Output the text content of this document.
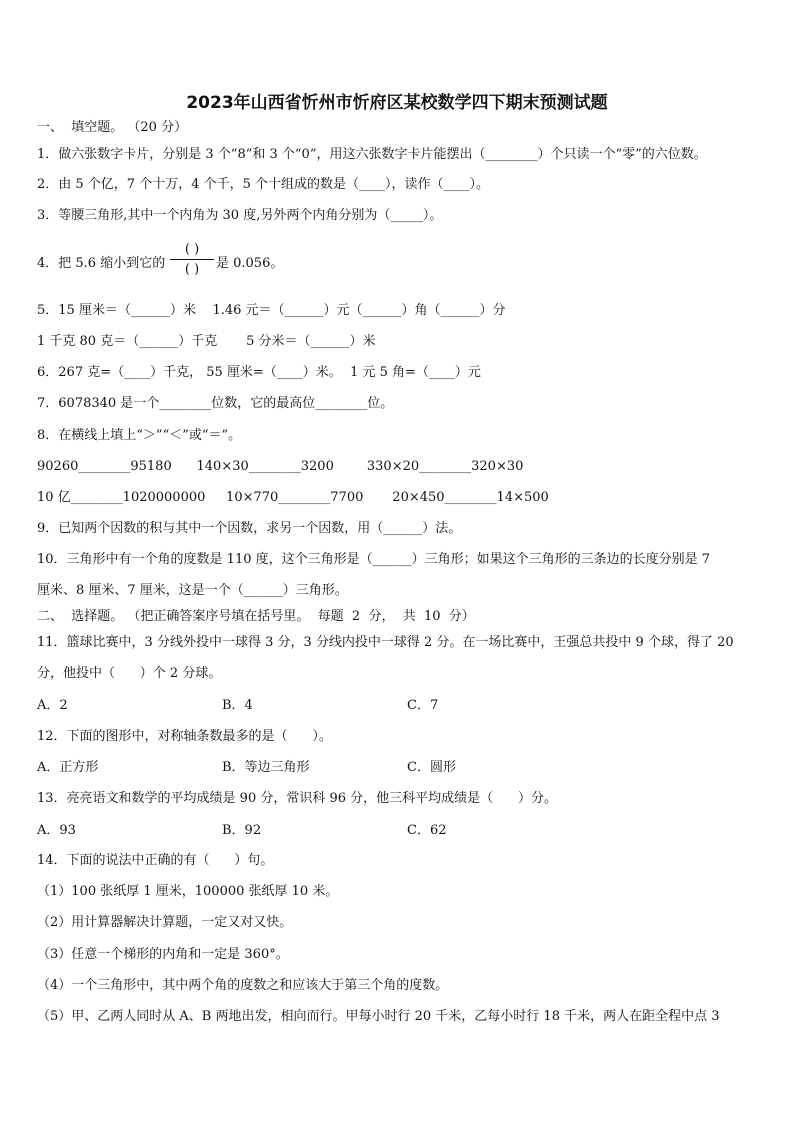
2023年山西省忻州市忻府区某校数学四下期末预测试题
一、  填空题。 （20 分）
1．做六张数字卡片，分别是 3 个“8”和 3 个“0”，用这六张数字卡片能摆出（________）个只读一个“零”的六位数。
2．由 5 个亿，7 个十万，4 个千，5 个十组成的数是（____），读作（____）。
3．等腰三角形,其中一个内角为 30 度,另外两个内角分别为（_____）。
4．把 5.6 缩小到它的
( )
( )	是 0.056。
5．15 厘米＝（______）米    1.46 元＝（______）元（______）角（______）分
1 千克 80 克＝（______）千克       5 分米＝（______）米
6．267 克=（____）千克， 55 厘米=（____）米。  1 元 5 角=（____）元
7．6078340 是一个________位数，它的最高位________位。
8．在横线上填上“＞”“＜”或“＝”。
90260________95180      140×30________3200        330×20________320×30
10 亿________1020000000     10×770________7700       20×450________14×500
9．已知两个因数的积与其中一个因数，求另一个因数，用（______）法。
10．三角形中有一个角的度数是 110 度，这个三角形是（______）三角形；如果这个三角形的三条边的长度分别是 7
厘米、8 厘米、7 厘米，这是一个（______）三角形。
二、  选择题。 （把正确答案序号填在括号里。  每题  2  分，  共  10  分）
11．篮球比赛中，3 分线外投中一球得 3 分，3 分线内投中一球得 2 分。在一场比赛中，王强总共投中 9 个球，得了 20
分，他投中（      ）个 2 分球。
A．2	B．4	C．7
12．下面的图形中，对称轴条数最多的是（      ）。
A．正方形	B．等边三角形	C．圆形
13．亮亮语文和数学的平均成绩是 90 分，常识科 96 分，他三科平均成绩是（      ）分。
A．93	B．92	C．62
14．下面的说法中正确的有（      ）句。
（1）100 张纸厚 1 厘米，100000 张纸厚 10 米。
（2）用计算器解决计算题，一定又对又快。
（3）任意一个梯形的内角和一定是 360°。
（4）一个三角形中，其中两个角的度数之和应该大于第三个角的度数。
（5）甲、乙两人同时从 A、B 两地出发，相向而行。甲每小时行 20 千米，乙每小时行 18 千米，两人在距全程中点 3
